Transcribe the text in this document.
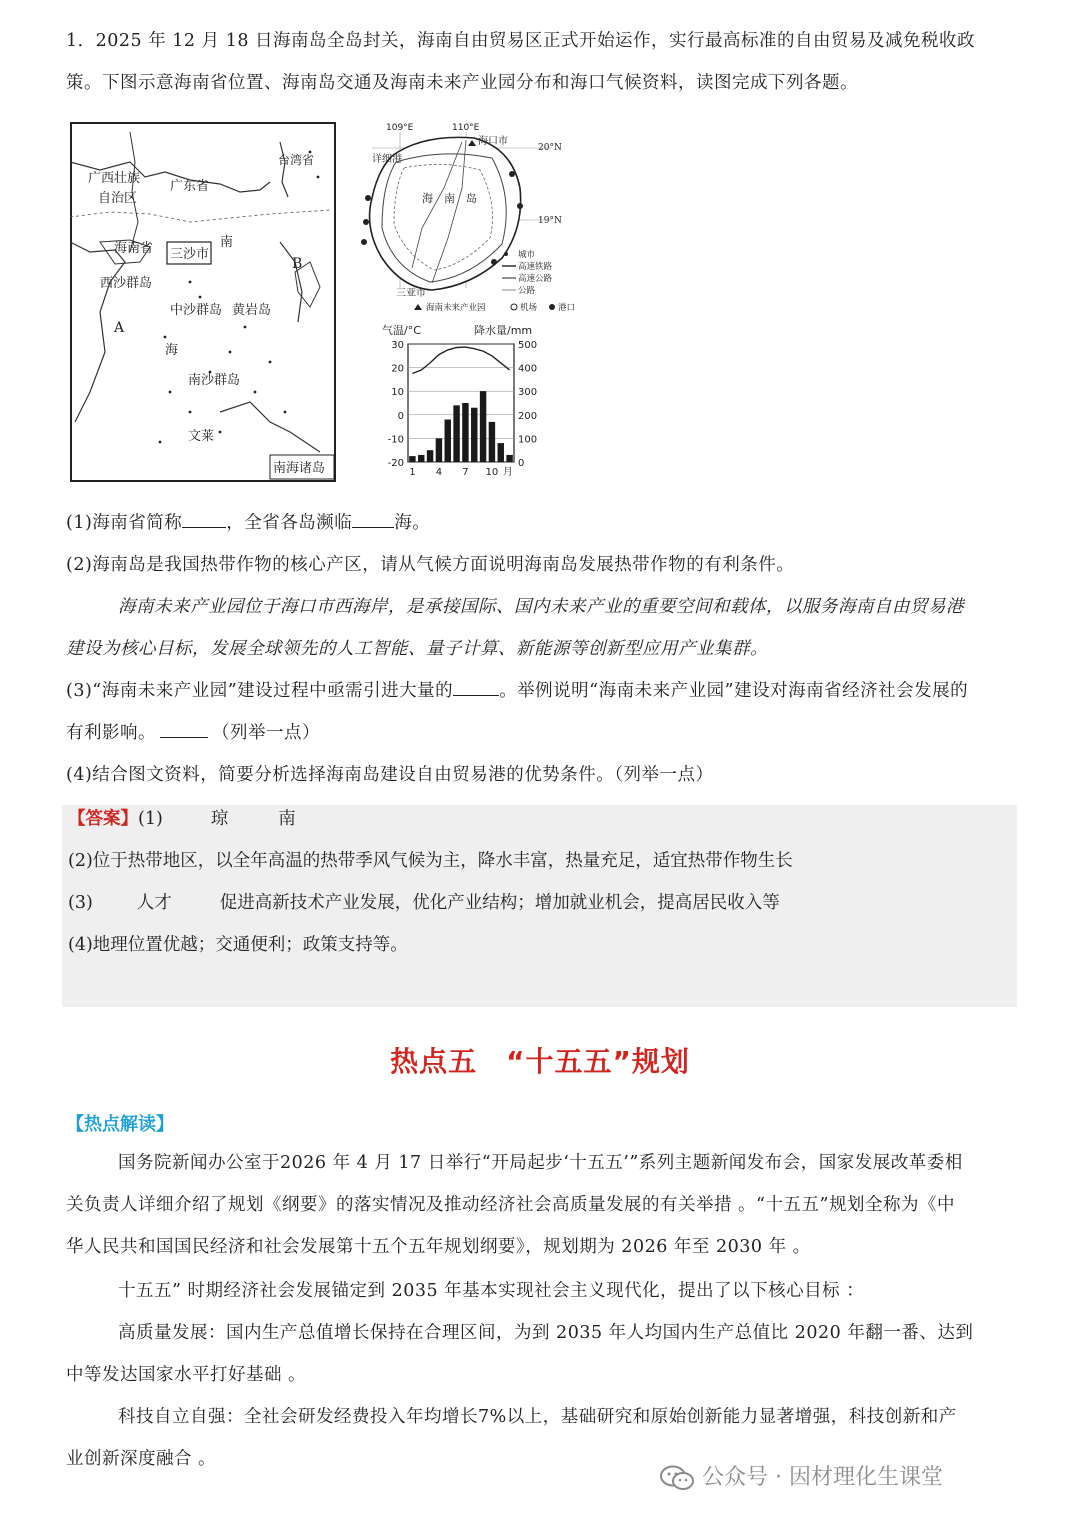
1．2025 年 12 月 18 日海南岛全岛封关，海南自由贸易区正式开始运作，实行最高标准的自由贸易及减免税收政
策。下图示意海南省位置、海南岛交通及海南未来产业园分布和海口气候资料，读图完成下列各题。
广西壮族
自治区
广东省
台湾省
海南省 三沙市
南
B
西沙群岛
中沙群岛 黄岩岛
A
海
南沙群岛
文莱
南海诸岛
109°E	110°E
海口市
20°N
详细港
海 南 岛
19°N
三亚市
城市
高速铁路
高速公路
公路
海南未来产业园	机场 港口
气温/°C	降水量/mm
30
20
10
0
-10
-20
500
400
300
200
100
0
1 4 7 10 月
(1)海南省简称	，全省各岛濒临 海。
(2)海南岛是我国热带作物的核心产区，请从气候方面说明海南岛发展热带作物的有利条件。
海南未来产业园位于海口市西海岸，是承接国际、国内未来产业的重要空间和载体，以服务海南自由贸易港
建设为核心目标，发展全球领先的人工智能、量子计算、新能源等创新型应用产业集群。
(3)“海南未来产业园”建设过程中亟需引进大量的	。举例说明“海南未来产业园”建设对海南省经济社会发展的
有利影响。	（列举一点）
(4)结合图文资料，简要分析选择海南岛建设自由贸易港的优势条件。（列举一点）
【答案】(1)	琼	南
(2)位于热带地区，以全年高温的热带季风气候为主，降水丰富，热量充足，适宜热带作物生长
(3)	人才	促进高新技术产业发展，优化产业结构；增加就业机会，提高居民收入等
(4)地理位置优越；交通便利；政策支持等。
热点五　“十五五”规划
【热点解读】
国务院新闻办公室于2026 年 4 月 17 日举行“开局起步‘十五五’”系列主题新闻发布会，国家发展改革委相
关负责人详细介绍了规划《纲要》的落实情况及推动经济社会高质量发展的有关举措 。“十五五”规划全称为《中
华人民共和国国民经济和社会发展第十五个五年规划纲要》，规划期为 2026 年至 2030 年 。
十五五” 时期经济社会发展锚定到 2035 年基本实现社会主义现代化，提出了以下核心目标 ：
高质量发展：国内生产总值增长保持在合理区间，为到 2035 年人均国内生产总值比 2020 年翻一番、达到
中等发达国家水平打好基础 。
科技自立自强：全社会研发经费投入年均增长7%以上，基础研究和原始创新能力显著增强，科技创新和产
业创新深度融合 。
公众号 · 因材理化生课堂
